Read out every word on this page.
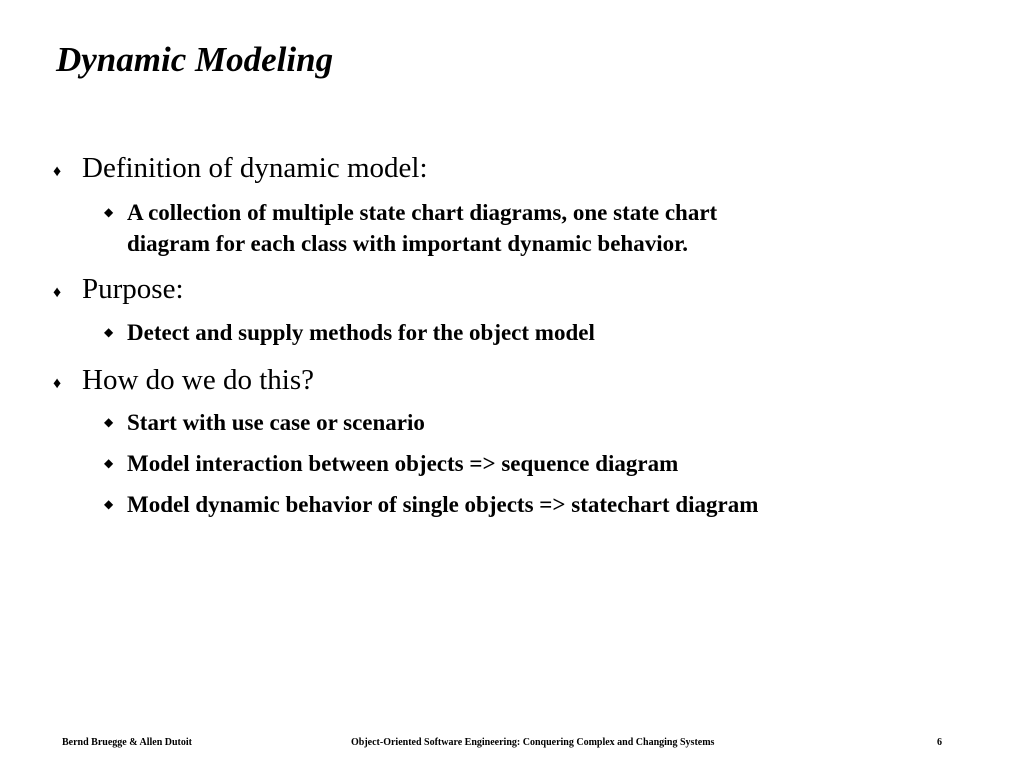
Dynamic Modeling
♦ Definition of dynamic model:
◆ A collection of multiple state chart diagrams, one state chart
diagram for each class with important dynamic behavior.
♦ Purpose:
◆ Detect and supply methods for the object model
♦ How do we do this?
◆ Start with use case or scenario
◆ Model interaction between objects => sequence diagram
◆ Model dynamic behavior of single objects => statechart diagram
Bernd Bruegge & Allen Dutoit	Object-Oriented Software Engineering: Conquering Complex and Changing Systems	6
